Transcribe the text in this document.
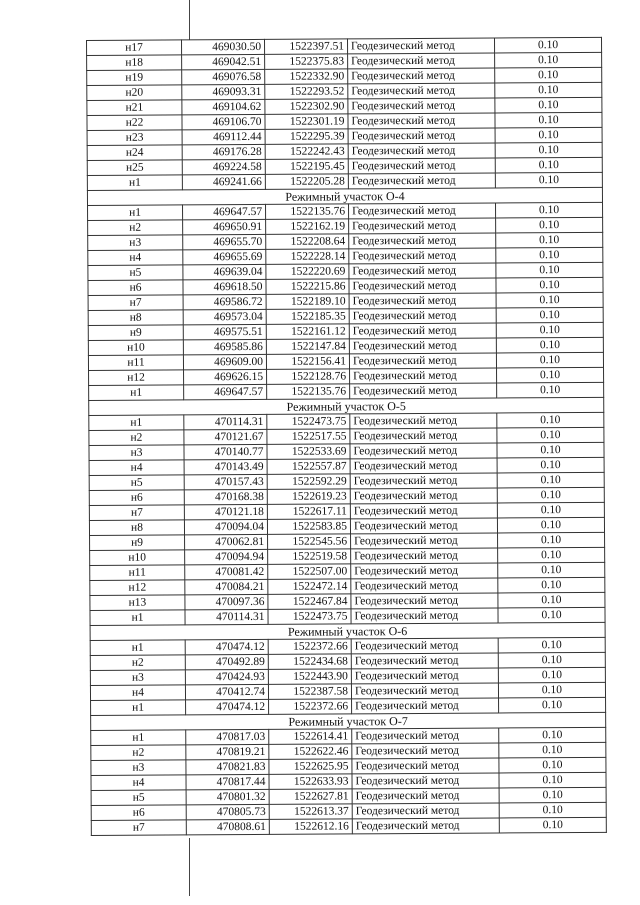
н17	469030.50	1522397.51	Геодезический метод	0.10
н18	469042.51	1522375.83	Геодезический метод	0.10
н19	469076.58	1522332.90	Геодезический метод	0.10
н20	469093.31	1522293.52	Геодезический метод	0.10
н21	469104.62	1522302.90	Геодезический метод	0.10
н22	469106.70	1522301.19	Геодезический метод	0.10
н23	469112.44	1522295.39	Геодезический метод	0.10
н24	469176.28	1522242.43	Геодезический метод	0.10
н25	469224.58	1522195.45	Геодезический метод	0.10
н1	469241.66	1522205.28	Геодезический метод	0.10
Режимный участок О-4				
н1	469647.57	1522135.76	Геодезический метод	0.10
н2	469650.91	1522162.19	Геодезический метод	0.10
н3	469655.70	1522208.64	Геодезический метод	0.10
н4	469655.69	1522228.14	Геодезический метод	0.10
н5	469639.04	1522220.69	Геодезический метод	0.10
н6	469618.50	1522215.86	Геодезический метод	0.10
н7	469586.72	1522189.10	Геодезический метод	0.10
н8	469573.04	1522185.35	Геодезический метод	0.10
н9	469575.51	1522161.12	Геодезический метод	0.10
н10	469585.86	1522147.84	Геодезический метод	0.10
н11	469609.00	1522156.41	Геодезический метод	0.10
н12	469626.15	1522128.76	Геодезический метод	0.10
н1	469647.57	1522135.76	Геодезический метод	0.10
Режимный участок О-5				
н1	470114.31	1522473.75	Геодезический метод	0.10
н2	470121.67	1522517.55	Геодезический метод	0.10
н3	470140.77	1522533.69	Геодезический метод	0.10
н4	470143.49	1522557.87	Геодезический метод	0.10
н5	470157.43	1522592.29	Геодезический метод	0.10
н6	470168.38	1522619.23	Геодезический метод	0.10
н7	470121.18	1522617.11	Геодезический метод	0.10
н8	470094.04	1522583.85	Геодезический метод	0.10
н9	470062.81	1522545.56	Геодезический метод	0.10
н10	470094.94	1522519.58	Геодезический метод	0.10
н11	470081.42	1522507.00	Геодезический метод	0.10
н12	470084.21	1522472.14	Геодезический метод	0.10
н13	470097.36	1522467.84	Геодезический метод	0.10
н1	470114.31	1522473.75	Геодезический метод	0.10
Режимный участок О-6				
н1	470474.12	1522372.66	Геодезический метод	0.10
н2	470492.89	1522434.68	Геодезический метод	0.10
н3	470424.93	1522443.90	Геодезический метод	0.10
н4	470412.74	1522387.58	Геодезический метод	0.10
н1	470474.12	1522372.66	Геодезический метод	0.10
Режимный участок О-7				
н1	470817.03	1522614.41	Геодезический метод	0.10
н2	470819.21	1522622.46	Геодезический метод	0.10
н3	470821.83	1522625.95	Геодезический метод	0.10
н4	470817.44	1522633.93	Геодезический метод	0.10
н5	470801.32	1522627.81	Геодезический метод	0.10
н6	470805.73	1522613.37	Геодезический метод	0.10
н7	470808.61	1522612.16	Геодезический метод	0.10
